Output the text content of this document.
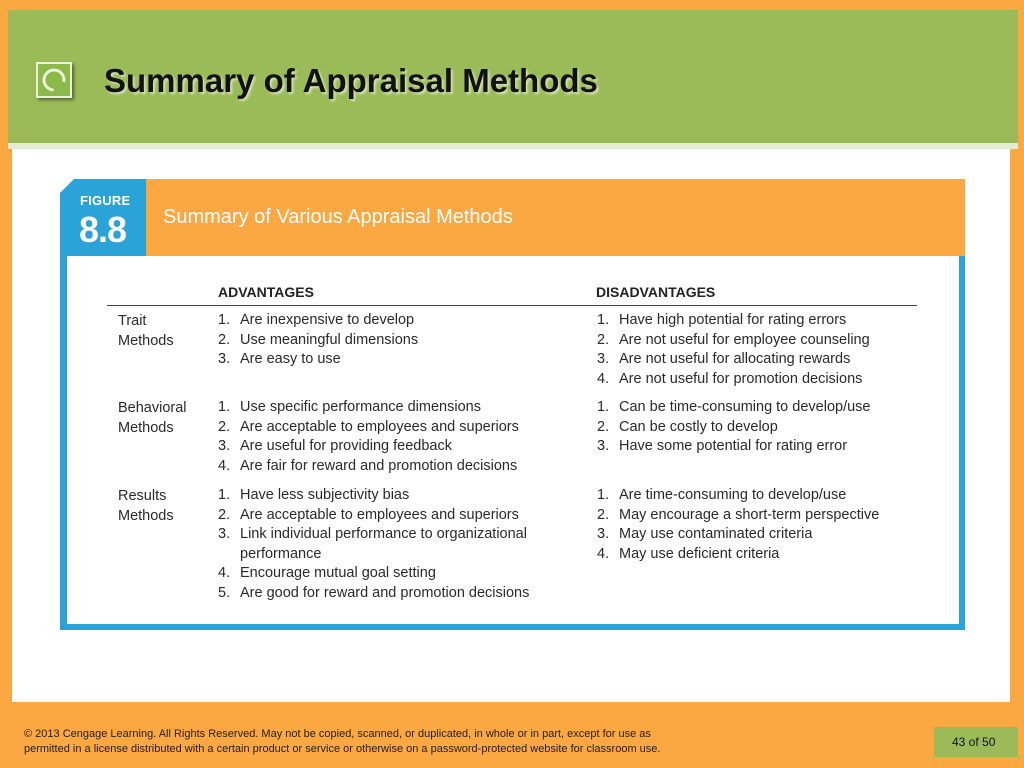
Summary of Appraisal Methods
FIGURE
8.8 Summary of Various Appraisal Methods
ADVANTAGES	DISADVANTAGES
Trait
Methods
1. Are inexpensive to develop
2. Use meaningful dimensions
3. Are easy to use
1. Have high potential for rating errors
2. Are not useful for employee counseling
3. Are not useful for allocating rewards
4. Are not useful for promotion decisions
Behavioral
Methods
1. Use specific performance dimensions
2. Are acceptable to employees and superiors
3. Are useful for providing feedback
4. Are fair for reward and promotion decisions
1. Can be time-consuming to develop/use
2. Can be costly to develop
3. Have some potential for rating error
Results
Methods
1. Have less subjectivity bias
2. Are acceptable to employees and superiors
3. Link individual performance to organizational
performance
4. Encourage mutual goal setting
5. Are good for reward and promotion decisions
1. Are time-consuming to develop/use
2. May encourage a short-term perspective
3. May use contaminated criteria
4. May use deficient criteria
© 2013 Cengage Learning. All Rights Reserved. May not be copied, scanned, or duplicated, in whole or in part, except for use as
permitted in a license distributed with a certain product or service or otherwise on a password-protected website for classroom use.	43 of 50
